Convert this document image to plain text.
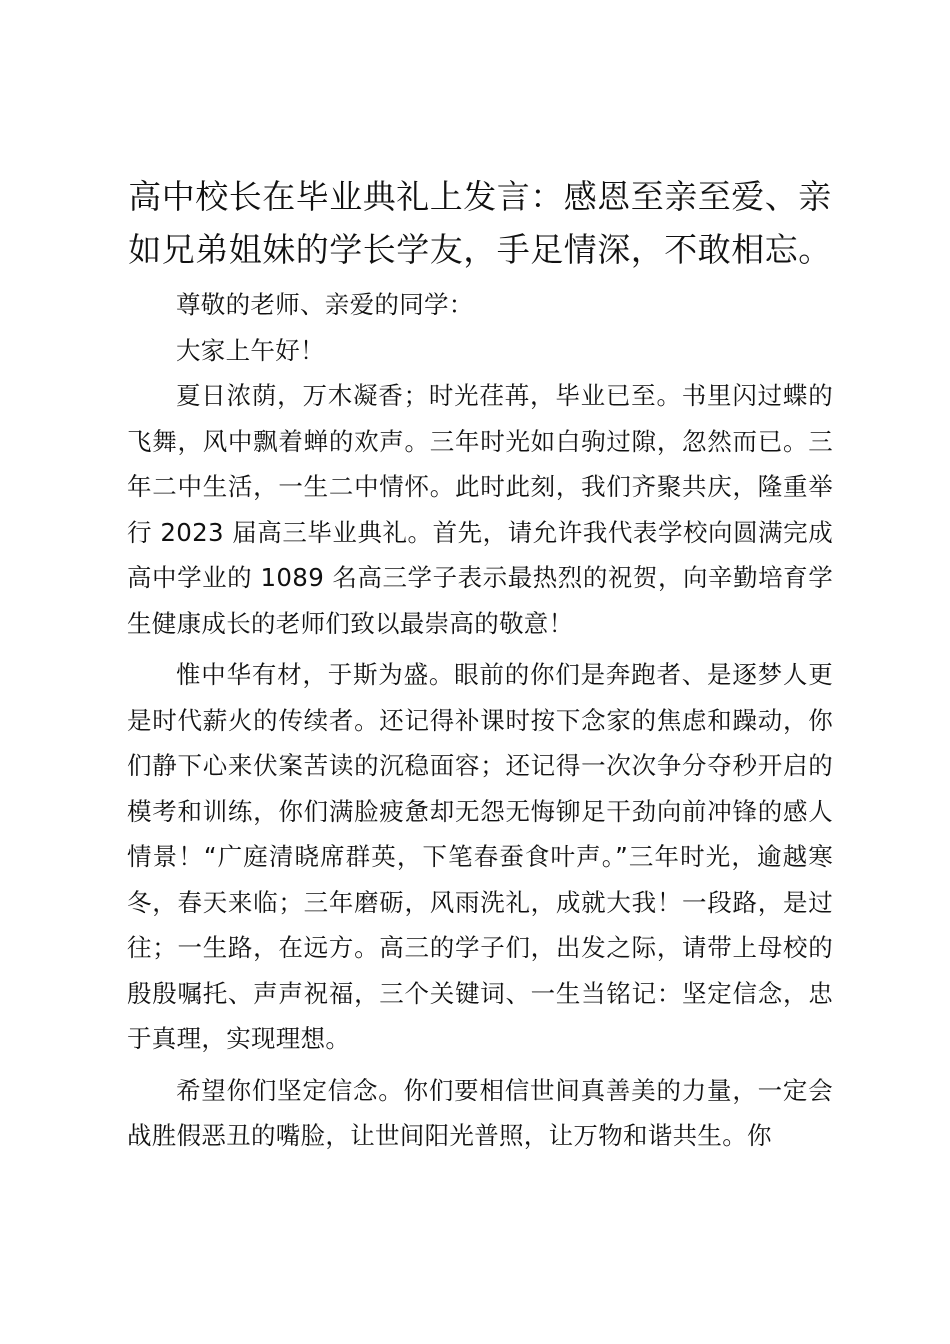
高中校长在毕业典礼上发言：感恩至亲至爱、亲如兄弟姐妹的学长学友，手足情深，不敢相忘。

尊敬的老师、亲爱的同学：

大家上午好！

夏日浓荫，万木凝香；时光荏苒，毕业已至。书里闪过蝶的飞舞，风中飘着蝉的欢声。三年时光如白驹过隙，忽然而已。三年二中生活，一生二中情怀。此时此刻，我们齐聚共庆，隆重举行 2023 届高三毕业典礼。首先，请允许我代表学校向圆满完成高中学业的 1089 名高三学子表示最热烈的祝贺，向辛勤培育学生健康成长的老师们致以最崇高的敬意！

惟中华有材，于斯为盛。眼前的你们是奔跑者、是逐梦人更是时代薪火的传续者。还记得补课时按下念家的焦虑和躁动，你们静下心来伏案苦读的沉稳面容；还记得一次次争分夺秒开启的模考和训练，你们满脸疲惫却无怨无悔铆足干劲向前冲锋的感人情景！“广庭清晓席群英，下笔春蚕食叶声。”三年时光，逾越寒冬，春天来临；三年磨砺，风雨洗礼，成就大我！一段路，是过往；一生路，在远方。高三的学子们，出发之际，请带上母校的殷殷嘱托、声声祝福，三个关键词、一生当铭记：坚定信念，忠于真理，实现理想。

希望你们坚定信念。你们要相信世间真善美的力量，一定会战胜假恶丑的嘴脸，让世间阳光普照，让万物和谐共生。你
